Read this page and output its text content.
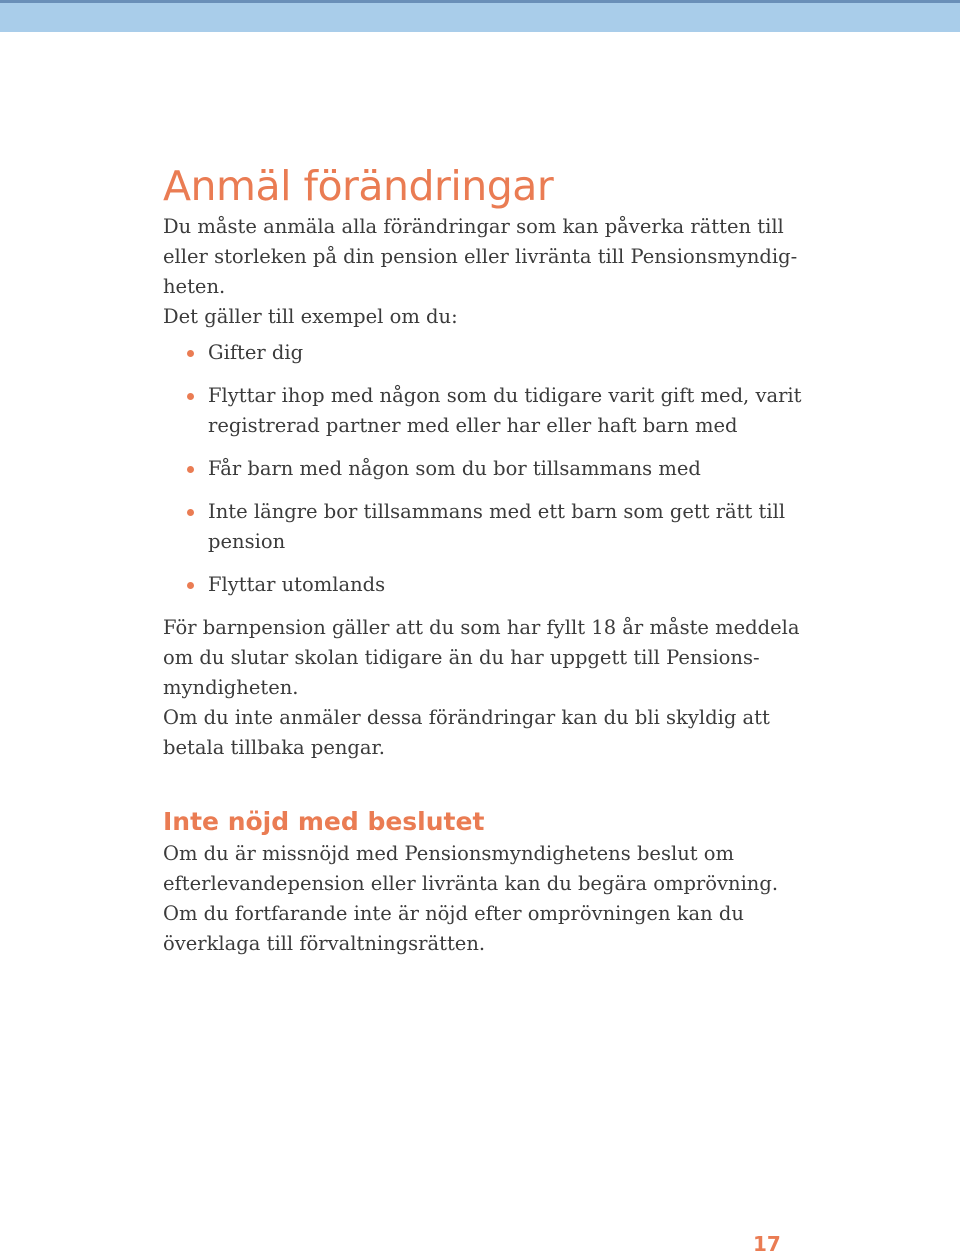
Anmäl förändringar

Du måste anmäla alla förändringar som kan påverka rätten till eller storleken på din pension eller livränta till Pensionsmyndigheten.

Det gäller till exempel om du:

Gifter dig
Flyttar ihop med någon som du tidigare varit gift med, varit registrerad partner med eller har eller haft barn med
Får barn med någon som du bor tillsammans med
Inte längre bor tillsammans med ett barn som gett rätt till pension
Flyttar utomlands

För barnpension gäller att du som har fyllt 18 år måste meddela om du slutar skolan tidigare än du har uppgett till Pensionsmyndigheten.

Om du inte anmäler dessa förändringar kan du bli skyldig att betala tillbaka pengar.

Inte nöjd med beslutet

Om du är missnöjd med Pensionsmyndighetens beslut om efterlevandepension eller livränta kan du begära omprövning. Om du fortfarande inte är nöjd efter omprövningen kan du överklaga till förvaltningsrätten.

17
